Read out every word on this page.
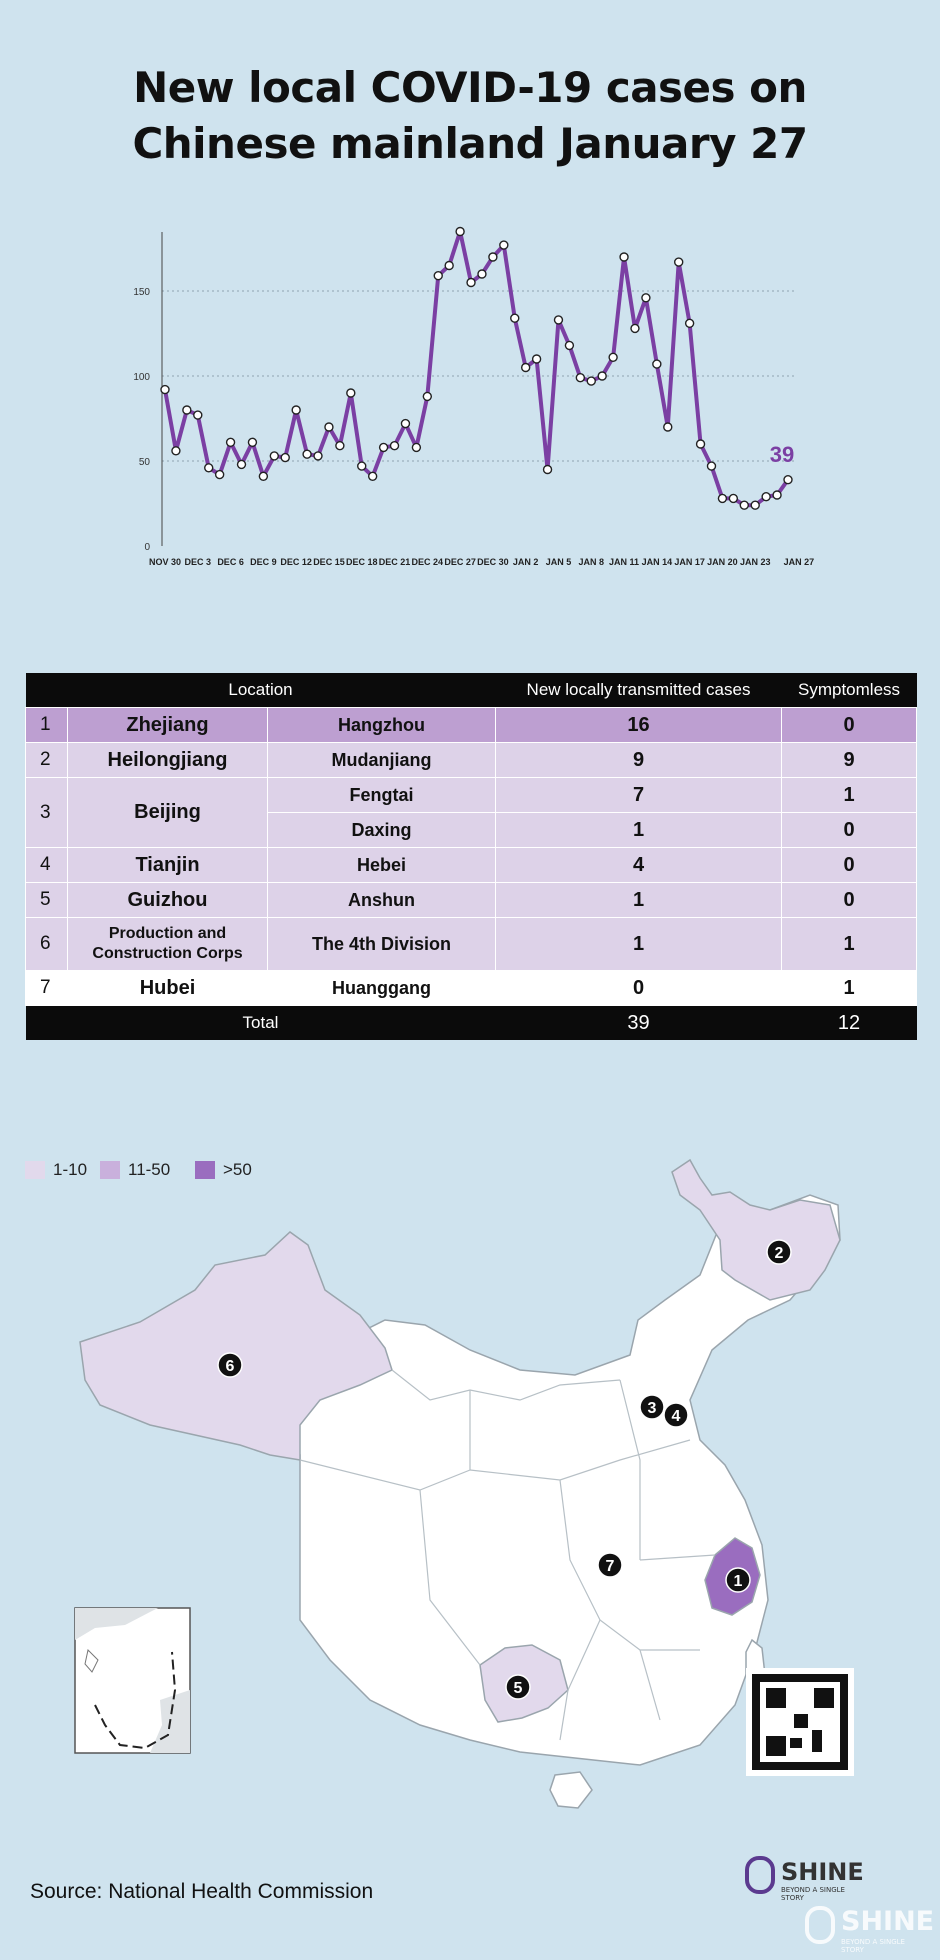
New local COVID-19 cases on
Chinese mainland January 27
0
50
100
150
NOV 30 DEC 3 DEC 6 DEC 9 DEC 12 DEC 15 DEC 18 DEC 21 DEC 24 DEC 27 DEC 30 JAN 2 JAN 5 JAN 8 JAN 11 JAN 14 JAN 17 JAN 20 JAN 23 JAN 27
39
Location			New locally transmitted cases	Symptomless
1	Zhejiang	Hangzhou	16	0
2	Heilongjiang	Mudanjiang	9	9
3	Beijing	Fengtai	7	1
		Daxing	1	0
4	Tianjin	Hebei	4	0
5	Guizhou	Anshun	1	0
6	Production and
Construction Corps	The 4th Division	1	1
7	Hubei	Huanggang	0	1
Total			39	12
1-10 11-50	>50
1
2
3 4
5
6
7
Source: National Health Commission
SHINE
BEYOND A SINGLE STORY
SHINE
BEYOND A SINGLE STORY
